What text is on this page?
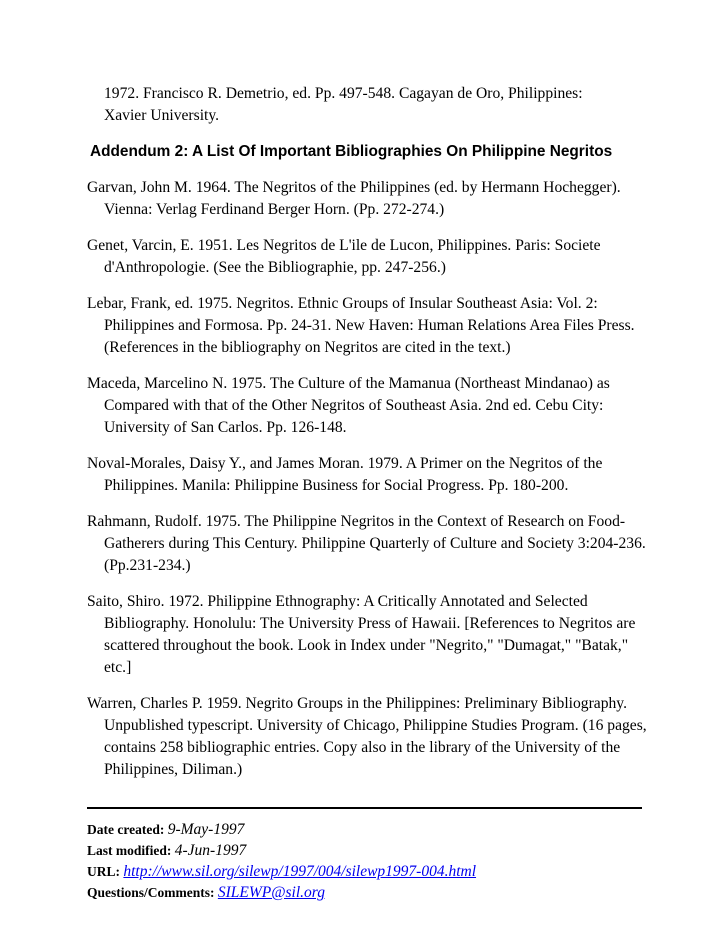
1972. Francisco R. Demetrio, ed. Pp. 497-548. Cagayan de Oro, Philippines:

Xavier University.

Addendum 2: A List Of Important Bibliographies On Philippine Negritos

Garvan, John M. 1964. The Negritos of the Philippines (ed. by Hermann Hochegger). Vienna: Verlag Ferdinand Berger Horn. (Pp. 272-274.)

Genet, Varcin, E. 1951. Les Negritos de L'ile de Lucon, Philippines. Paris: Societe d'Anthropologie. (See the Bibliographie, pp. 247-256.)

Lebar, Frank, ed. 1975. Negritos. Ethnic Groups of Insular Southeast Asia: Vol. 2: Philippines and Formosa. Pp. 24-31. New Haven: Human Relations Area Files Press. (References in the bibliography on Negritos are cited in the text.)

Maceda, Marcelino N. 1975. The Culture of the Mamanua (Northeast Mindanao) as Compared with that of the Other Negritos of Southeast Asia. 2nd ed. Cebu City: University of San Carlos. Pp. 126-148.

Noval-Morales, Daisy Y., and James Moran. 1979. A Primer on the Negritos of the Philippines. Manila: Philippine Business for Social Progress. Pp. 180-200.

Rahmann, Rudolf. 1975. The Philippine Negritos in the Context of Research on Food-Gatherers during This Century. Philippine Quarterly of Culture and Society 3:204-236. (Pp.231-234.)

Saito, Shiro. 1972. Philippine Ethnography: A Critically Annotated and Selected Bibliography. Honolulu: The University Press of Hawaii. [References to Negritos are scattered throughout the book. Look in Index under "Negrito," "Dumagat," "Batak," etc.]

Warren, Charles P. 1959. Negrito Groups in the Philippines: Preliminary Bibliography. Unpublished typescript. University of Chicago, Philippine Studies Program. (16 pages, contains 258 bibliographic entries. Copy also in the library of the University of the Philippines, Diliman.)

Date created: 9-May-1997

Last modified: 4-Jun-1997

URL: http://www.sil.org/silewp/1997/004/silewp1997-004.html

Questions/Comments: SILEWP@sil.org
